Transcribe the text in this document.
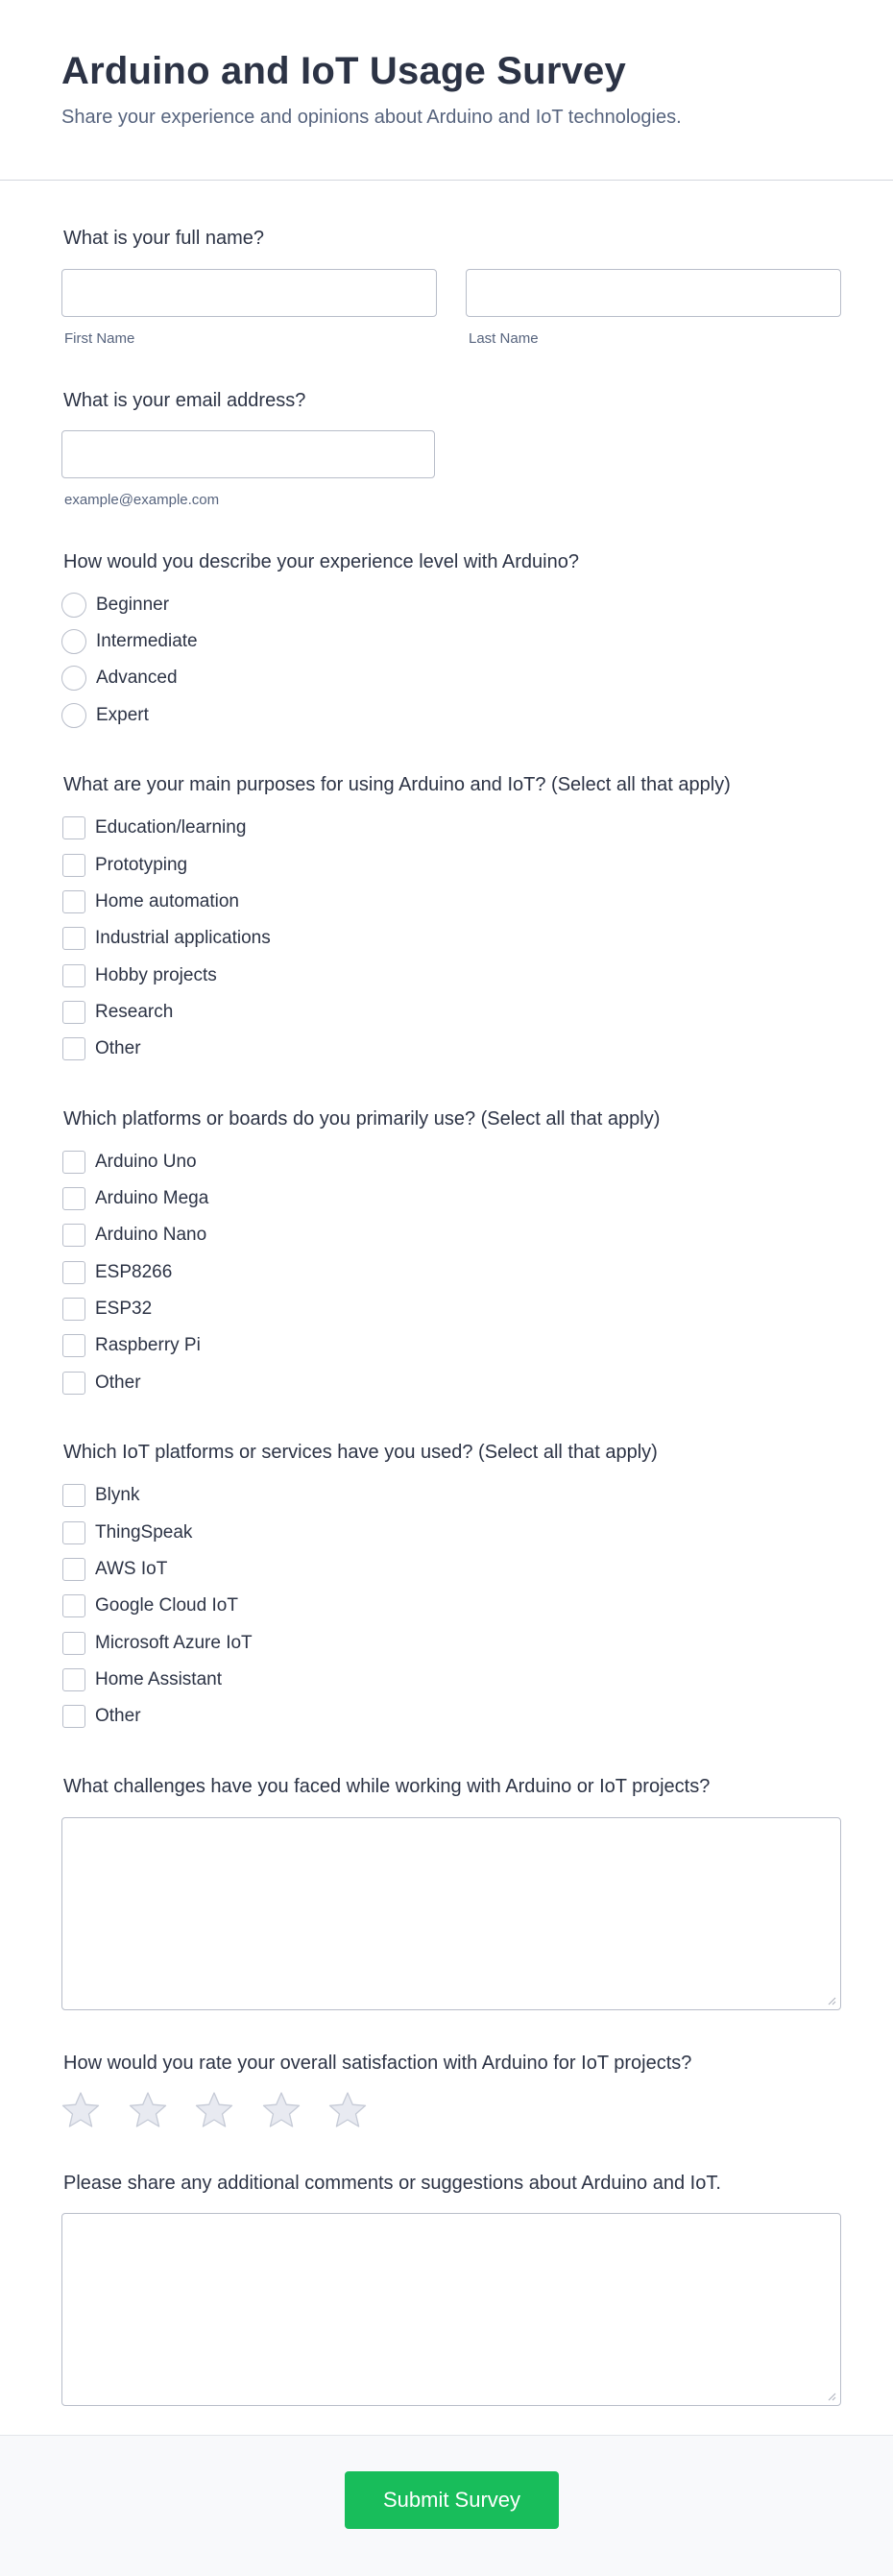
Arduino and IoT Usage Survey

Share your experience and opinions about Arduino and IoT technologies.

What is your full name?
First Name	Last Name
What is your email address?
example@example.com
How would you describe your experience level with Arduino?
Beginner
Intermediate
Advanced
Expert
What are your main purposes for using Arduino and IoT? (Select all that apply)
Education/learning
Prototyping
Home automation
Industrial applications
Hobby projects
Research
Other
Which platforms or boards do you primarily use? (Select all that apply)
Arduino Uno
Arduino Mega
Arduino Nano
ESP8266
ESP32
Raspberry Pi
Other
Which IoT platforms or services have you used? (Select all that apply)
Blynk
ThingSpeak
AWS IoT
Google Cloud IoT
Microsoft Azure IoT
Home Assistant
Other
What challenges have you faced while working with Arduino or IoT projects?
How would you rate your overall satisfaction with Arduino for IoT projects?
Please share any additional comments or suggestions about Arduino and IoT.
Submit Survey
